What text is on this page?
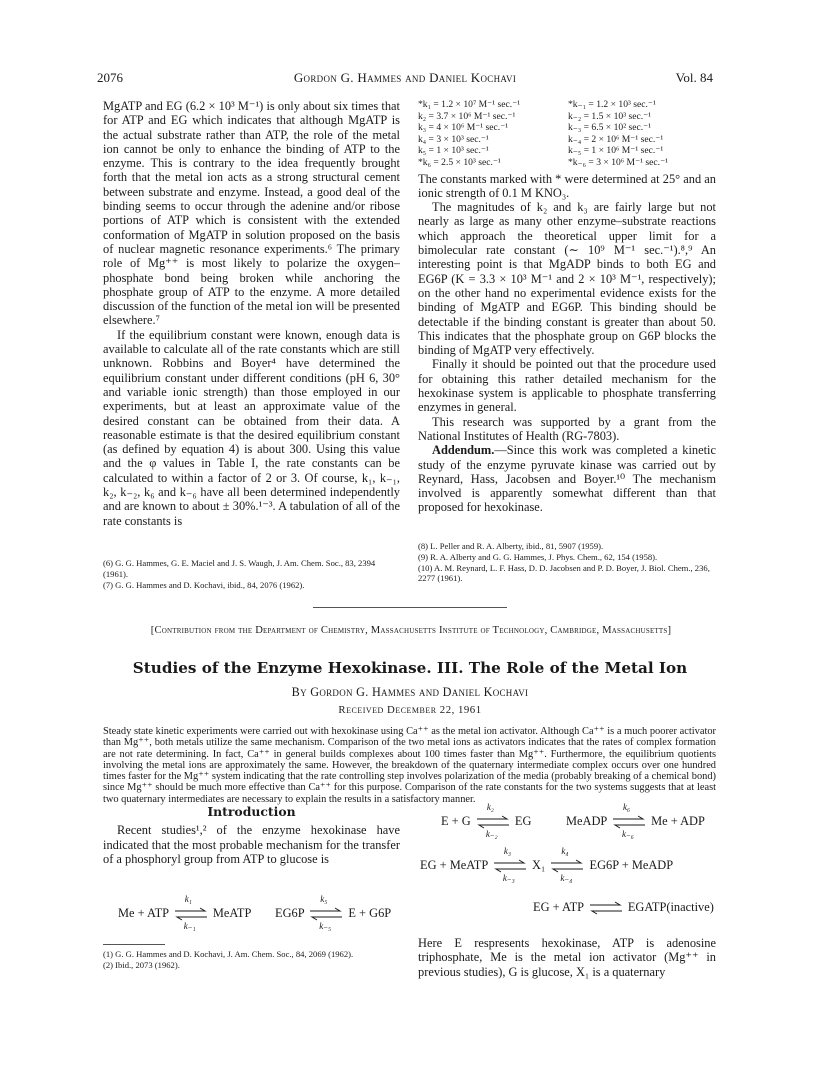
2076	Gordon G. Hammes and Daniel Kochavi	Vol. 84

MgATP and EG (6.2 × 10³ M⁻¹) is only about six times that for ATP and EG which indicates that although MgATP is the actual substrate rather than ATP, the role of the metal ion cannot be only to enhance the binding of ATP to the enzyme. This is contrary to the idea frequently brought forth that the metal ion acts as a strong structural cement between substrate and enzyme. Instead, a good deal of the binding seems to occur through the adenine and/or ribose portions of ATP which is consistent with the extended conformation of MgATP in solution proposed on the basis of nuclear magnetic resonance experiments.⁶ The primary role of Mg⁺⁺ is most likely to polarize the oxygen–phosphate bond being broken while anchoring the phosphate group of ATP to the enzyme. A more detailed discussion of the function of the metal ion will be presented elsewhere.⁷

If the equilibrium constant were known, enough data is available to calculate all of the rate constants which are still unknown. Robbins and Boyer⁴ have determined the equilibrium constant under different conditions (pH 6, 30° and variable ionic strength) than those employed in our experiments, but at least an approximate value of the desired constant can be obtained from their data. A reasonable estimate is that the desired equilibrium constant (as defined by equation 4) is about 300. Using this value and the φ values in Table I, the rate constants can be calculated to within a factor of 2 or 3. Of course, k₁, k₋₁, k₂, k₋₂, k₆ and k₋₆ have all been determined independently and are known to about ± 30%.¹⁻³. A tabulation of all of the rate constants is

(6) G. G. Hammes, G. E. Maciel and J. S. Waugh, J. Am. Chem. Soc., 83, 2394 (1961).
(7) G. G. Hammes and D. Kochavi, ibid., 84, 2076 (1962).
*k₁ = 1.2 × 10⁷ M⁻¹ sec.⁻¹	*k₋₁ = 1.2 × 10³ sec.⁻¹
k₂ = 3.7 × 10⁶ M⁻¹ sec.⁻¹	k₋₂ = 1.5 × 10³ sec.⁻¹
k₃ = 4 × 10⁶ M⁻¹ sec.⁻¹	k₋₃ = 6.5 × 10² sec.⁻¹
k₄ = 3 × 10³ sec.⁻¹	k₋₄ = 2 × 10⁶ M⁻¹ sec.⁻¹
k₅ = 1 × 10³ sec.⁻¹	k₋₅ = 1 × 10⁶ M⁻¹ sec.⁻¹
*k₆ = 2.5 × 10³ sec.⁻¹	*k₋₆ = 3 × 10⁶ M⁻¹ sec.⁻¹

The constants marked with * were determined at 25° and an ionic strength of 0.1 M KNO₃.

The magnitudes of k₂ and k₃ are fairly large but not nearly as large as many other enzyme–substrate reactions which approach the theoretical upper limit for a bimolecular rate constant (∼ 10⁹ M⁻¹ sec.⁻¹).⁸,⁹ An interesting point is that MgADP binds to both EG and EG6P (K = 3.3 × 10³ M⁻¹ and 2 × 10³ M⁻¹, respectively); on the other hand no experimental evidence exists for the binding of MgATP and EG6P. This binding should be detectable if the binding constant is greater than about 50. This indicates that the phosphate group on G6P blocks the binding of MgATP very effectively.

Finally it should be pointed out that the procedure used for obtaining this rather detailed mechanism for the hexokinase system is applicable to phosphate transferring enzymes in general.

This research was supported by a grant from the National Institutes of Health (RG-7803).

Addendum.—Since this work was completed a kinetic study of the enzyme pyruvate kinase was carried out by Reynard, Hass, Jacobsen and Boyer.¹⁰ The mechanism involved is apparently somewhat different than that proposed for hexokinase.

(8) L. Peller and R. A. Alberty, ibid., 81, 5907 (1959).
(9) R. A. Alberty and G. G. Hammes, J. Phys. Chem., 62, 154 (1958).
(10) A. M. Reynard, L. F. Hass, D. D. Jacobsen and P. D. Boyer, J. Biol. Chem., 236, 2277 (1961).
[Contribution from the Department of Chemistry, Massachusetts Institute of Technology, Cambridge, Massachusetts]
Studies of the Enzyme Hexokinase. III. The Role of the Metal Ion
By Gordon G. Hammes and Daniel Kochavi
Received December 22, 1961
Steady state kinetic experiments were carried out with hexokinase using Ca⁺⁺ as the metal ion activator. Although Ca⁺⁺ is a much poorer activator than Mg⁺⁺, both metals utilize the same mechanism. Comparison of the two metal ions as activators indicates that the rates of complex formation are not rate determining. In fact, Ca⁺⁺ in general builds complexes about 100 times faster than Mg⁺⁺. Furthermore, the equilibrium quotients involving the metal ions are approximately the same. However, the breakdown of the quaternary intermediate complex occurs over one hundred times faster for the Mg⁺⁺ system indicating that the rate controlling step involves polarization of the media (probably breaking of a chemical bond) since Mg⁺⁺ should be much more effective than Ca⁺⁺ for this purpose. Comparison of the rate constants for the two systems suggests that at least two quaternary intermediates are necessary to explain the results in a satisfactory manner.
Introduction

Recent studies¹,² of the enzyme hexokinase have indicated that the most probable mechanism for the transfer of a phosphoryl group from ATP to glucose is

Me + ATP
k₁
k₋₁
MeATP EG6P
k₅
k₋₅
E + G6P
(1) G. G. Hammes and D. Kochavi, J. Am. Chem. Soc., 84, 2069 (1962).
(2) Ibid., 2073 (1962).
E + G
k₂
k₋₂
EG	MeADP
k₆
k₋₆
Me + ADP
EG + MeATP
k₃
k₋₃
X₁
k₄
k₋₄
EG6P + MeADP
EG + ATP ⇌ EGATP(inactive)

Here E respresents hexokinase, ATP is adenosine triphosphate, Me is the metal ion activator (Mg⁺⁺ in previous studies), G is glucose, X₁ is a quaternary
